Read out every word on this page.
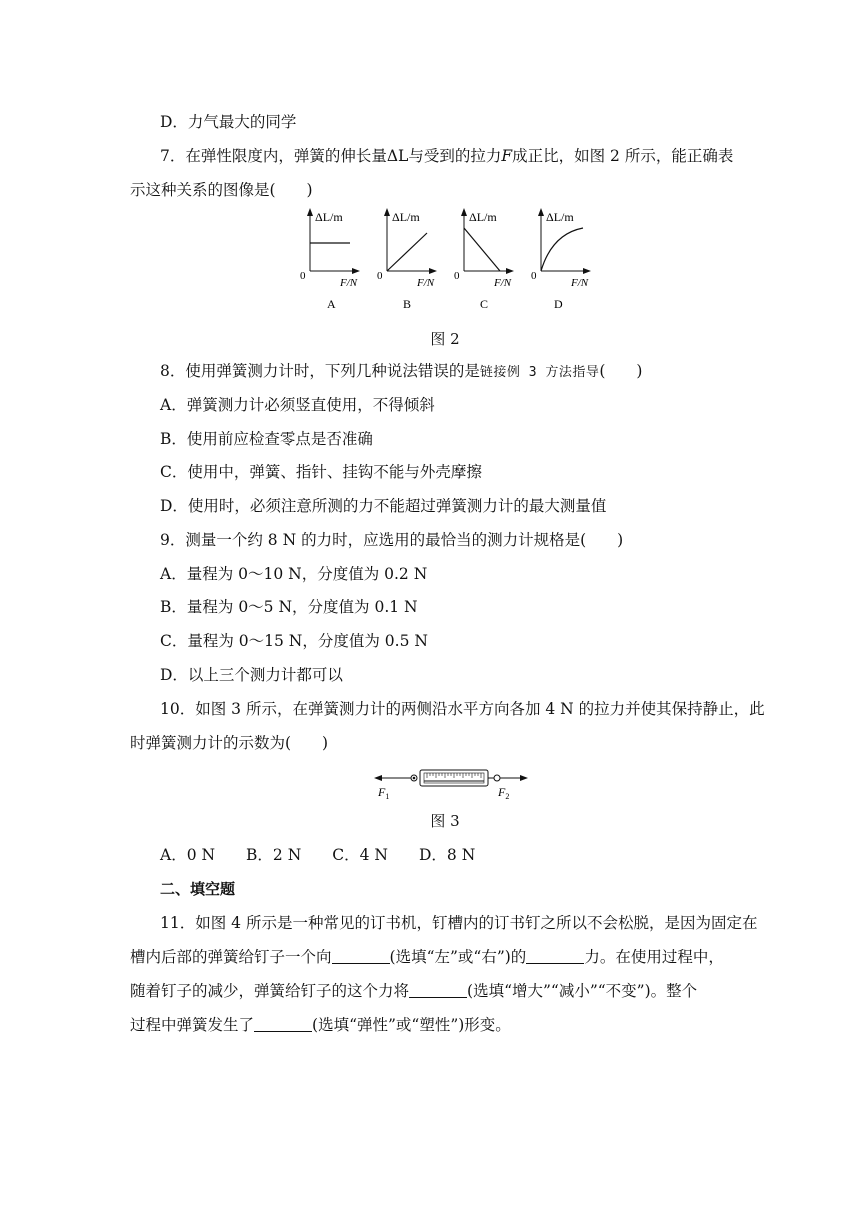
D．力气最大的同学
7．在弹性限度内，弹簧的伸长量ΔL与受到的拉力F成正比，如图 2 所示，能正确表
示这种关系的图像是(　　)
ΔL/m
0
F/N
A
ΔL/m
0
F/N
B
ΔL/m
0
F/N
C
ΔL/m
0
F/N
D
图 2
8．使用弹簧测力计时，下列几种说法错误的是链接例 3 方法指导(　　)
A．弹簧测力计必须竖直使用，不得倾斜
B．使用前应检查零点是否准确
C．使用中，弹簧、指针、挂钩不能与外壳摩擦
D．使用时，必须注意所测的力不能超过弹簧测力计的最大测量值
9．测量一个约 8 N 的力时，应选用的最恰当的测力计规格是(　　)
A．量程为 0～10 N，分度值为 0.2 N
B．量程为 0～5 N，分度值为 0.1 N
C．量程为 0～15 N，分度值为 0.5 N
D．以上三个测力计都可以
10．如图 3 所示，在弹簧测力计的两侧沿水平方向各加 4 N 的拉力并使其保持静止，此
时弹簧测力计的示数为(　　)
$F_1$	$F_2$
图 3
A．0 N　　B．2 N　　C．4 N　　D．8 N
二、填空题
11．如图 4 所示是一种常见的订书机，钉槽内的订书钉之所以不会松脱，是因为固定在
槽内后部的弹簧给钉子一个向	(选填“左”或“右”)的	力。在使用过程中，
随着钉子的减少，弹簧给钉子的这个力将	(选填“增大”“减小”“不变”)。整个
过程中弹簧发生了	(选填“弹性”或“塑性”)形变。
